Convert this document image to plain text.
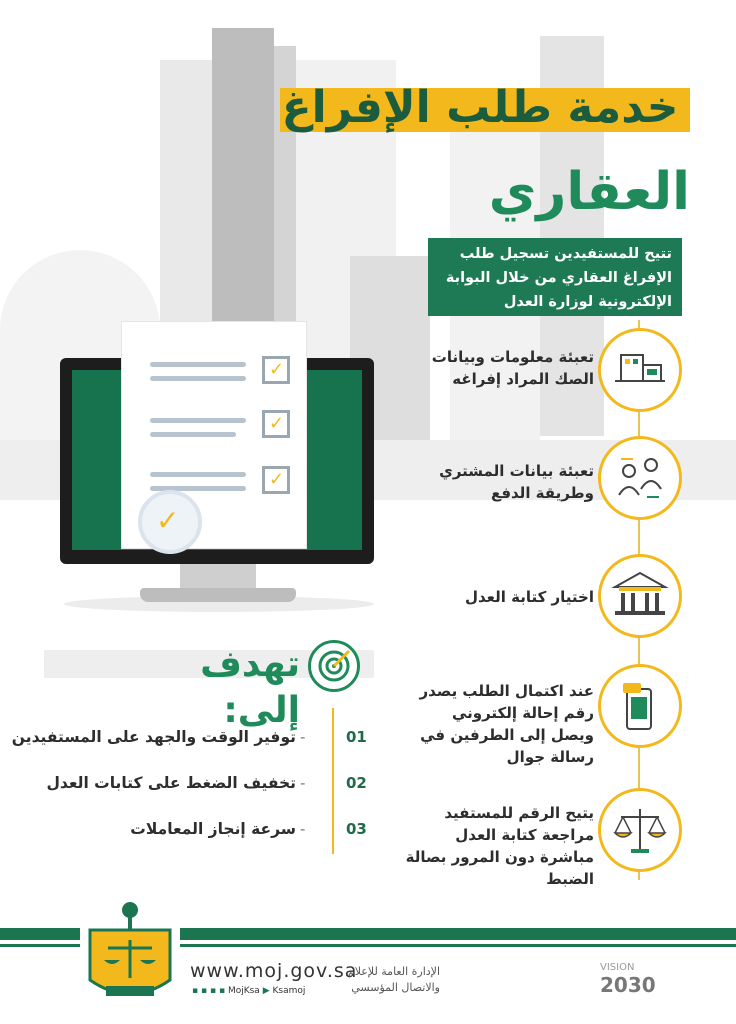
خدمة طلب الإفراغ
العقاري
تتيح للمستفيدين تسجيل طلب الإفراغ العقاري من خلال البوابة الإلكترونية لوزارة العدل
✓
✓
✓
✓
تعبئة معلومات وبيانات الصك المراد إفراغه
تعبئة بيانات المشتري وطريقة الدفع
اختيار كتابة العدل
عند اكتمال الطلب يصدر رقم إحالة إلكتروني ويصل إلى الطرفين في رسالة جوال
يتيح الرقم للمستفيد مراجعة كتابة العدل مباشرة دون المرور بصالة الضبط
تهدف إلى:
01
-
توفير الوقت والجهد على المستفيدين
02
-
تخفيف الضغط على كتابات العدل
03
-
سرعة إنجاز المعاملات
www.moj.gov.sa
▪ ▪ ▪ ▪ MojKsa ▶ Ksamoj
الإدارة العامة للإعلام والاتصال المؤسسي
VISION
2030
